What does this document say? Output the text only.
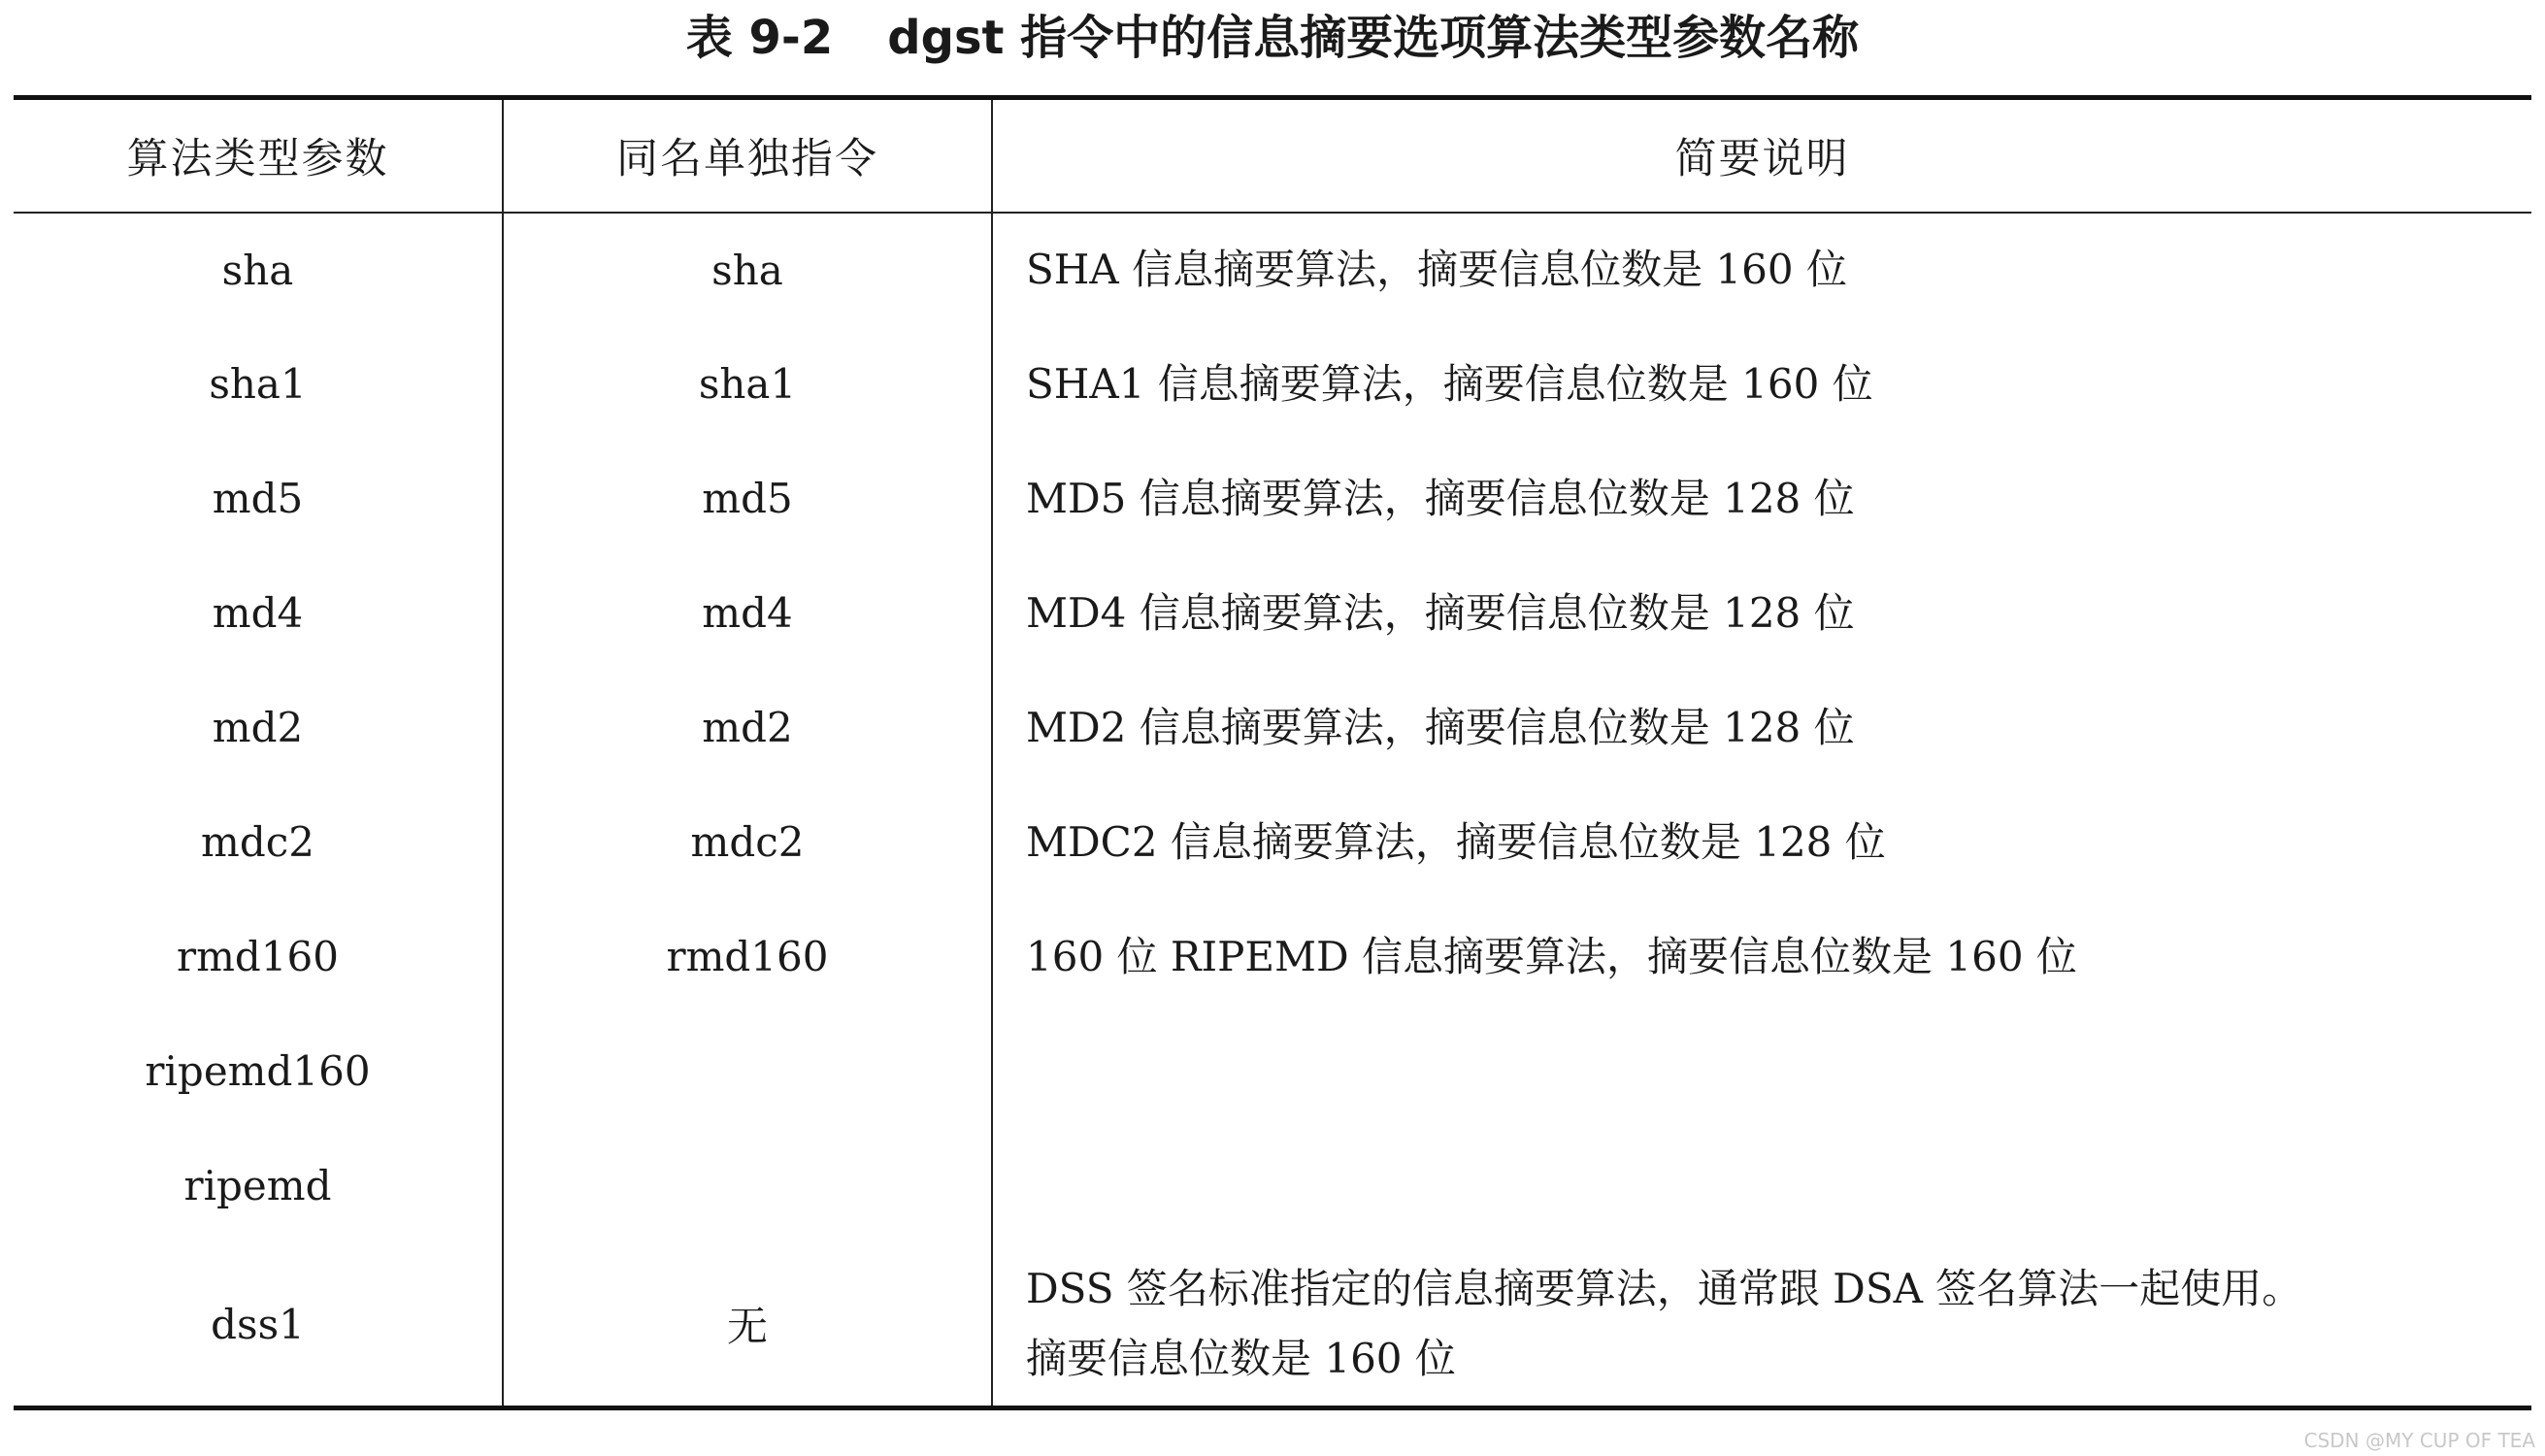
表 9-2 dgst 指令中的信息摘要选项算法类型参数名称
算法类型参数	同名单独指令	简要说明
sha	sha	SHA 信息摘要算法，摘要信息位数是 160 位
sha1	sha1	SHA1 信息摘要算法，摘要信息位数是 160 位
md5	md5	MD5 信息摘要算法，摘要信息位数是 128 位
md4	md4	MD4 信息摘要算法，摘要信息位数是 128 位
md2	md2	MD2 信息摘要算法，摘要信息位数是 128 位
mdc2	mdc2	MDC2 信息摘要算法，摘要信息位数是 128 位
rmd160	rmd160	160 位 RIPEMD 信息摘要算法，摘要信息位数是 160 位
ripemd160		
ripemd		
dss1	无	DSS 签名标准指定的信息摘要算法，通常跟 DSA 签名算法一起使用。
摘要信息位数是 160 位
CSDN @MY CUP OF TEA
